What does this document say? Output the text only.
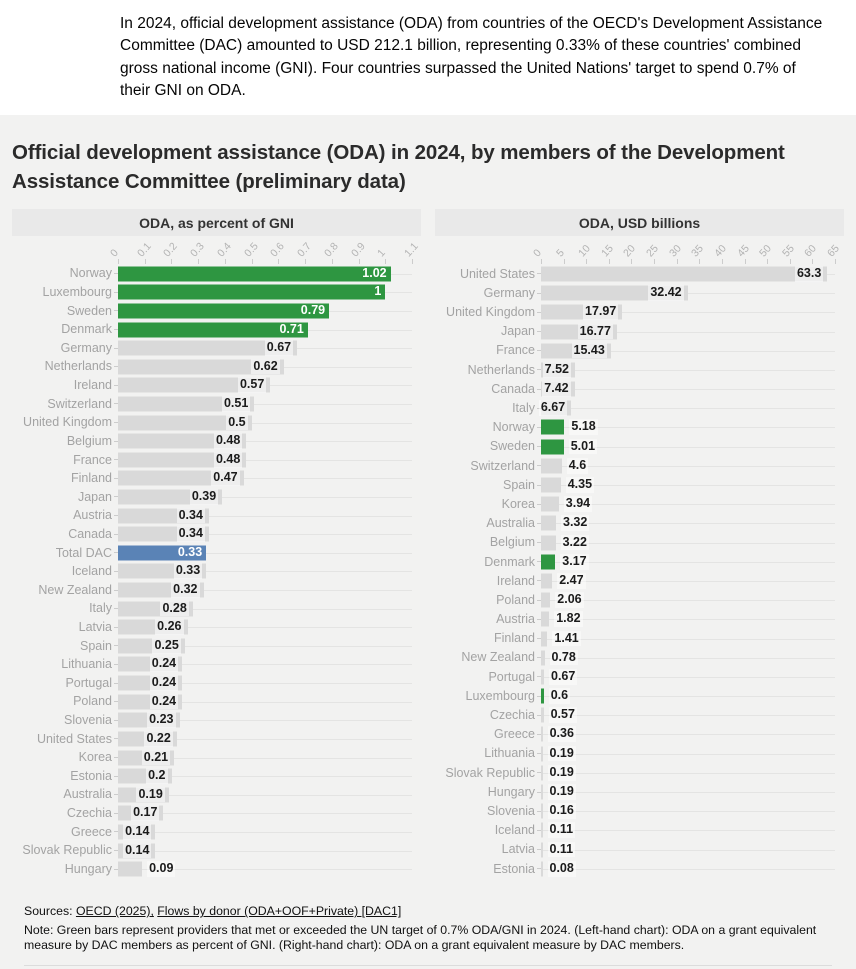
In 2024, official development assistance (ODA) from countries of the OECD's Development Assistance Committee (DAC) amounted to USD 212.1 billion, representing 0.33% of these countries' combined gross national income (GNI). Four countries surpassed the United Nations' target to spend 0.7% of their GNI on ODA.
Official development assistance (ODA) in 2024, by members of the Development Assistance Committee (preliminary data)
ODA, as percent of GNI
0 0.1 0.2 0.3 0.4 0.5 0.6 0.7 0.8 0.9 1 1.1
Norway	1.02
Luxembourg	1
Sweden	0.79
Denmark	0.71
Germany	0.67
Netherlands	0.62
Ireland	0.57
Switzerland	0.51
United Kingdom	0.5
Belgium	0.48
France	0.48
Finland	0.47
Japan	0.39
Austria	0.34
Canada	0.34
Total DAC	0.33
Iceland	0.33
New Zealand	0.32
Italy	0.28
Latvia	0.26
Spain	0.25
Lithuania	0.24
Portugal	0.24
Poland	0.24
Slovenia	0.23
United States	0.22
Korea	0.21
Estonia	0.2
Australia 0.19
Czechia 0.17
Greece 0.14
Slovak Republic 0.14
Hungary	0.09
ODA, USD billions
0 5 10 15 20 25 30 35 40 45 50 55 60 65
United States	63.3
Germany	32.42
United Kingdom	17.97
Japan	16.77
France	15.43
Netherlands 7.52
Canada 7.42
Italy 6.67
Norway	5.18
Sweden	5.01
Switzerland	4.6
Spain	4.35
Korea 3.94
Australia 3.32
Belgium 3.22
Denmark 3.17
Ireland 2.47
Poland 2.06
Austria 1.82
Finland 1.41
New Zealand 0.78
Portugal 0.67
Luxembourg 0.6
Czechia 0.57
Greece 0.36
Lithuania 0.19
Slovak Republic 0.19
Hungary 0.19
Slovenia 0.16
Iceland 0.11
Latvia 0.11
Estonia 0.08
Sources: OECD (2025), Flows by donor (ODA+OOF+Private) [DAC1]
Note: Green bars represent providers that met or exceeded the UN target of 0.7% ODA/GNI in 2024. (Left-hand chart): ODA on a grant equivalent measure by DAC members as percent of GNI. (Right-hand chart): ODA on a grant equivalent measure by DAC members.
